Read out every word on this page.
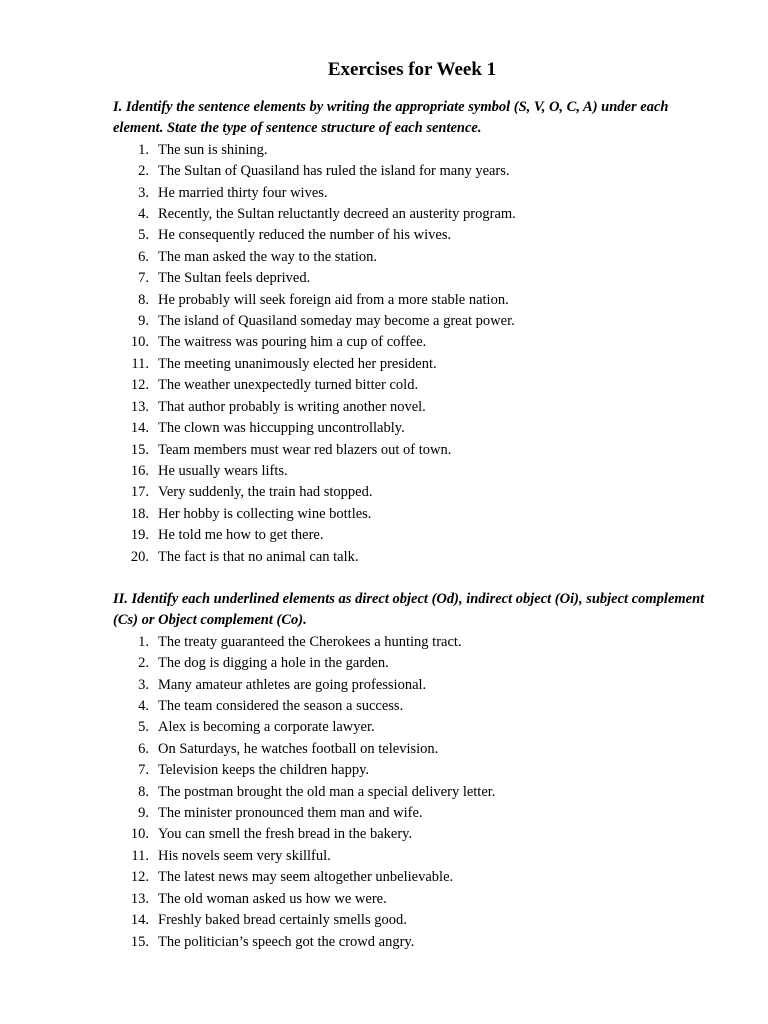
Exercises for Week 1

I. Identify the sentence elements by writing the appropriate symbol (S, V, O, C, A) under each element. State the type of sentence structure of each sentence.

1. The sun is shining.
2. The Sultan of Quasiland has ruled the island for many years.
3. He married thirty four wives.
4. Recently, the Sultan reluctantly decreed an austerity program.
5. He consequently reduced the number of his wives.
6. The man asked the way to the station.
7. The Sultan feels deprived.
8. He probably will seek foreign aid from a more stable nation.
9. The island of Quasiland someday may become a great power.
10. The waitress was pouring him a cup of coffee.
11. The meeting unanimously elected her president.
12. The weather unexpectedly turned bitter cold.
13. That author probably is writing another novel.
14. The clown was hiccupping uncontrollably.
15. Team members must wear red blazers out of town.
16. He usually wears lifts.
17. Very suddenly, the train had stopped.
18. Her hobby is collecting wine bottles.
19. He told me how to get there.
20. The fact is that no animal can talk.

II. Identify each underlined elements as direct object (Od), indirect object (Oi), subject complement (Cs) or Object complement (Co).

1. The treaty guaranteed the Cherokees a hunting tract.
2. The dog is digging a hole in the garden.
3. Many amateur athletes are going professional.
4. The team considered the season a success.
5. Alex is becoming a corporate lawyer.
6. On Saturdays, he watches football on television.
7. Television keeps the children happy.
8. The postman brought the old man a special delivery letter.
9. The minister pronounced them man and wife.
10. You can smell the fresh bread in the bakery.
11. His novels seem very skillful.
12. The latest news may seem altogether unbelievable.
13. The old woman asked us how we were.
14. Freshly baked bread certainly smells good.
15. The politician’s speech got the crowd angry.
